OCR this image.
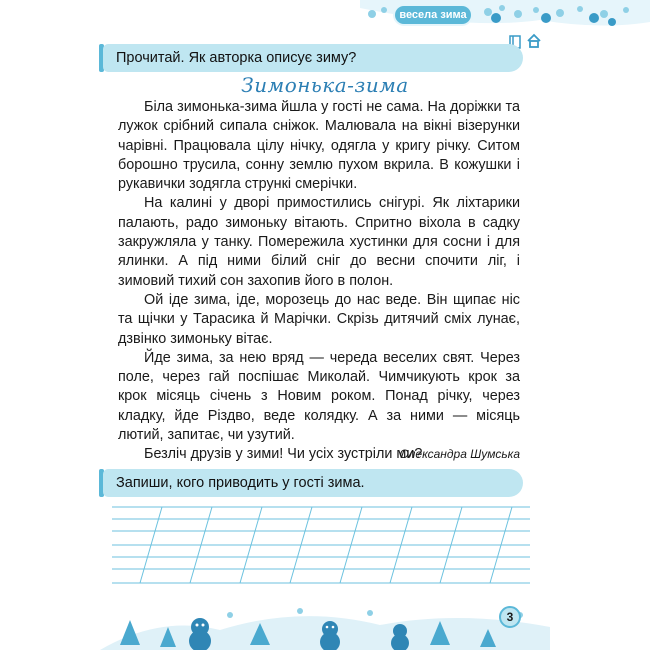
весела зима
Прочитай. Як авторка описує зиму?
Зимонька-зима

Біла зимонька-зима йшла у гості не сама. На доріжки та лужок срібний сипала сніжок. Малювала на вікні візерунки чарівні. Працювала цілу нічку, одягла у кригу річку. Ситом борошно трусила, сонну землю пухом вкрила. В кожушки і рукавички зодягла стрункі смерічки.

На калині у дворі примостились снігурі. Як ліхтарики палають, радо зимоньку вітають. Спритно віхола в садку закружляла у танку. Помережила хустинки для сосни і для ялинки. А під ними білий сніг до весни спочити ліг, і зимовий тихий сон захопив його в полон.

Ой іде зима, іде, морозець до нас веде. Він щипає ніс та щічки у Тарасика й Марічки. Скрізь дитячий сміх лунає, дзвінко зимоньку вітає.

Йде зима, за нею вряд — череда веселих свят. Через поле, через гай поспішає Миколай. Чимчикують крок за крок місяць січень з Новим роком. Понад річку, через кладку, йде Різдво, веде колядку. А за ними — місяць лютий, запитає, чи узутий.

Безліч друзів у зими! Чи усіх зустріли ми?

Олександра Шумська
Запиши, кого приводить у гості зима.
3
